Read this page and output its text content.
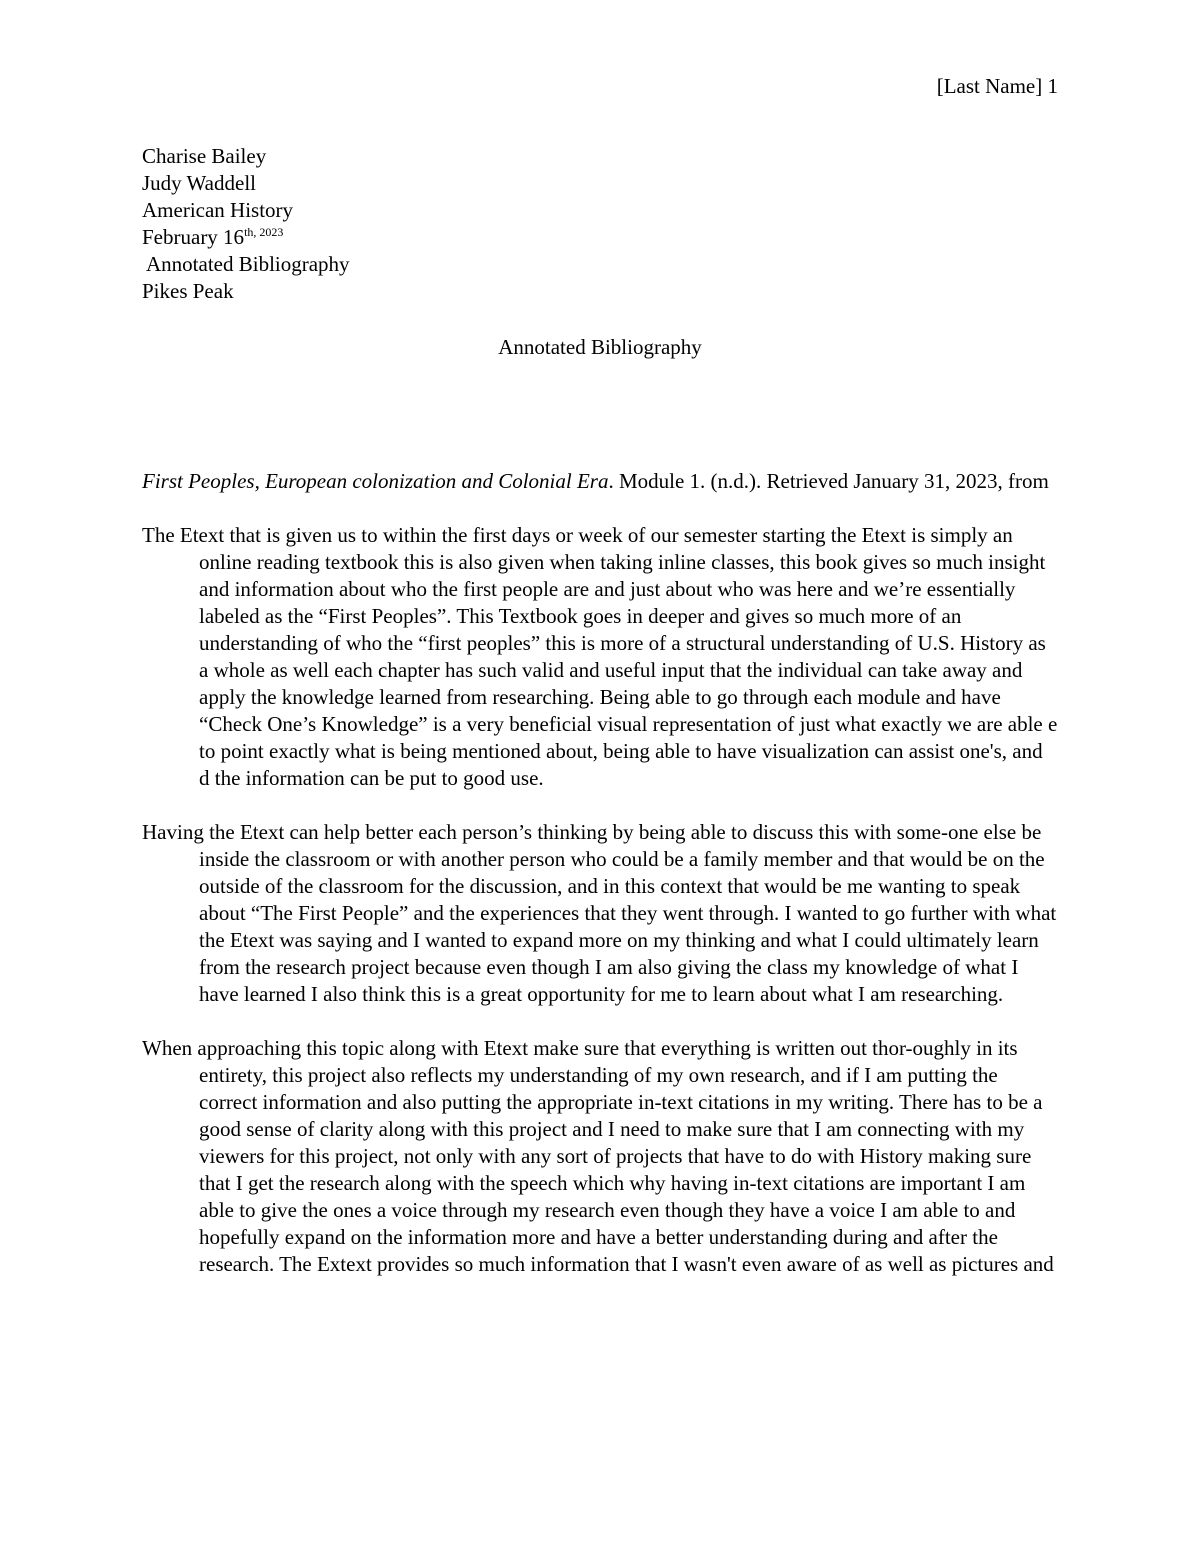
[Last Name] 1
Charise Bailey
Judy Waddell
American History
February $16^{th, 2023}$
Annotated Bibliography
Pikes Peak
Annotated Bibliography

First Peoples, European colonization and Colonial Era. Module 1. (n.d.). Retrieved January 31, 2023, from

The Etext that is given us to within the first days or week of our semester starting the Etext is simply an online reading textbook this is also given when taking inline classes, this book gives so much insight and information about who the first people are and just about who was here and we’re essentially labeled as the “First Peoples”. This Textbook goes in deeper and gives so much more of an understanding of who the “first peoples” this is more of a structural understanding of U.S. History as a whole as well each chapter has such valid and useful input that the individual can take away and apply the knowledge learned from researching. Being able to go through each module and have “Check One’s Knowledge” is a very beneficial visual representation of just what exactly we are able e to point exactly what is being mentioned about, being able to have visualization can assist one's, and d the information can be put to good use.

Having the Etext can help better each person’s thinking by being able to discuss this with some-one else be inside the classroom or with another person who could be a family member and that would be on the outside of the classroom for the discussion, and in this context that would be me wanting to speak about “The First People” and the experiences that they went through. I wanted to go further with what the Etext was saying and I wanted to expand more on my thinking and what I could ultimately learn from the research project because even though I am also giving the class my knowledge of what I have learned I also think this is a great opportunity for me to learn about what I am researching.

When approaching this topic along with Etext make sure that everything is written out thor-oughly in its entirety, this project also reflects my understanding of my own research, and if I am putting the correct information and also putting the appropriate in-text citations in my writing. There has to be a good sense of clarity along with this project and I need to make sure that I am connecting with my viewers for this project, not only with any sort of projects that have to do with History making sure that I get the research along with the speech which why having in-text citations are important I am able to give the ones a voice through my research even though they have a voice I am able to and hopefully expand on the information more and have a better understanding during and after the research. The Extext provides so much information that I wasn't even aware of as well as pictures and
